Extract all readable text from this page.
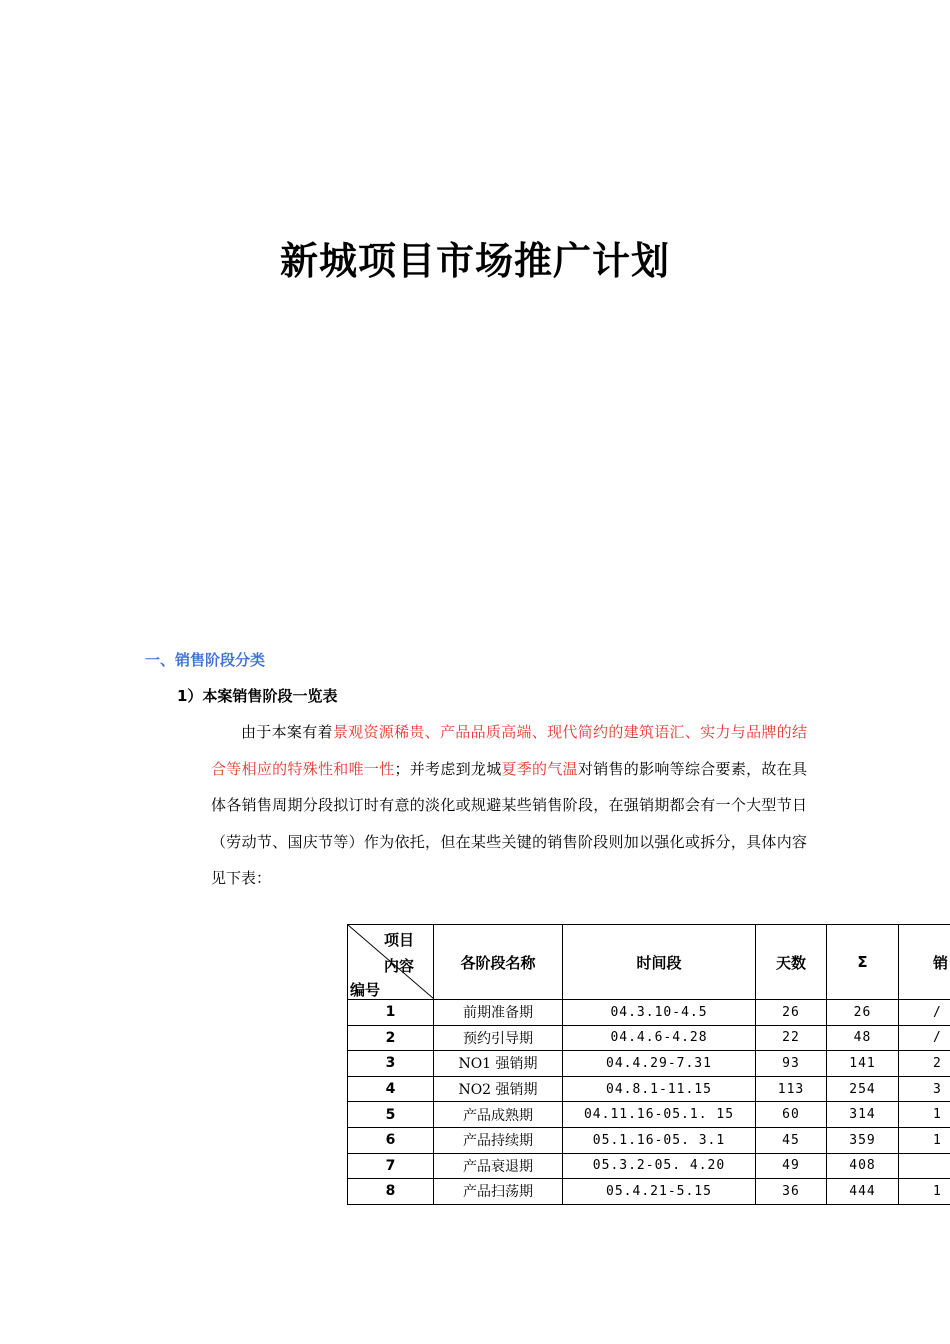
新城项目市场推广计划
一、销售阶段分类
1）本案销售阶段一览表

由于本案有着景观资源稀贵、产品品质高端、现代简约的建筑语汇、实力与品牌的结合等相应的特殊性和唯一性；并考虑到龙城夏季的气温对销售的影响等综合要素，故在具体各销售周期分段拟订时有意的淡化或规避某些销售阶段，在强销期都会有一个大型节日（劳动节、国庆节等）作为依托，但在某些关键的销售阶段则加以强化或拆分，具体内容见下表：

项目
内容
编号	各阶段名称	时间段	天数	Σ	销
1	前期准备期	04.3.10-4.5	26	26	/
2	预约引导期	04.4.6-4.28	22	48	/
3	NO1 强销期	04.4.29-7.31	93	141	2
4	NO2 强销期	04.8.1-11.15	113	254	3
5	产品成熟期	04.11.16-05.1. 15	60	314	1
6	产品持续期	05.1.16-05. 3.1	45	359	1
7	产品衰退期	05.3.2-05. 4.20	49	408	
8	产品扫荡期	05.4.21-5.15	36	444	1
